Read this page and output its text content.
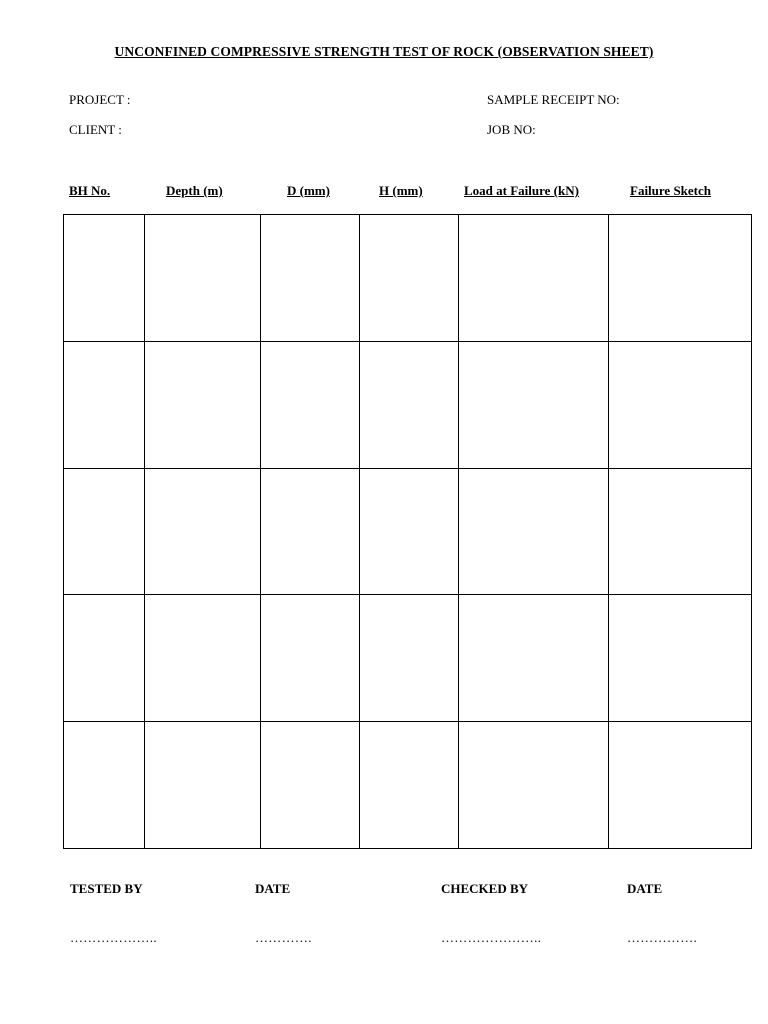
UNCONFINED COMPRESSIVE STRENGTH TEST OF ROCK (OBSERVATION SHEET)
PROJECT :
CLIENT :
SAMPLE RECEIPT NO:
JOB NO:
BH No.	Depth (m)	D (mm)	H (mm)	Load at Failure (kN)	Failure Sketch

TESTED BY	DATE	CHECKED BY	DATE
………………..	………….	…………………..	…………….
